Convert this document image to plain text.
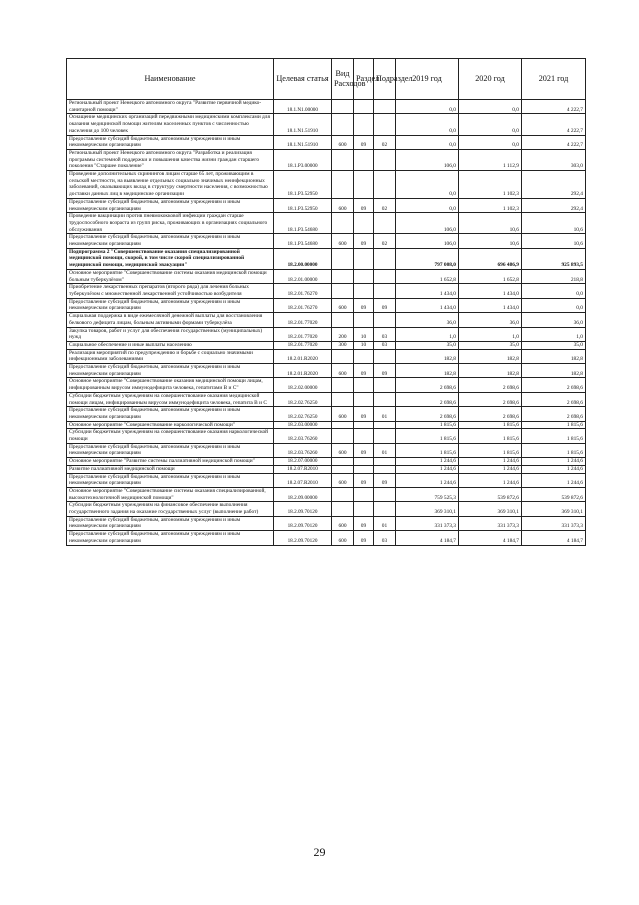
Наименование	Целевая статья	Вид Расходов	Раздел	Подраздел	2019 год	2020 год	2021 год
Региональный проект Ненецкого автономного округа "Развитие первичной медико-санитарной помощи"	18.1.N1.00000				0,0	0,0	4 222,7
Оснащение медицинских организаций передвижными медицинскими комплексами для оказания медицинской помощи жителям населенных пунктов с численностью населения до 100 человек	18.1.N1.51910				0,0	0,0	4 222,7
Предоставление субсидий бюджетным, автономным учреждениям и иным некоммерческим организациям	18.1.N1.51910	600	09	02	0,0	0,0	4 222,7
Региональный проект Ненецкого автономного округа "Разработка и реализация программы системной поддержки и повышения качества жизни граждан старшего поколения "Старшее поколение"	18.1.P3.00000				106,0	1 112,9	303,0
Проведение дополнительных скринингов лицам старше 65 лет, проживающим в сельской местности, на выявление отдельных социально значимых неинфекционных заболеваний, оказывающих вклад в структуру смертности населения, с возможностью доставки данных лиц в медицинские организации	18.1.P3.52950				0,0	1 102,3	292,4
Предоставление субсидий бюджетным, автономным учреждениям и иным некоммерческим организациям	18.1.P3.52950	600	09	02	0,0	1 102,3	292,4
Проведение вакцинации против пневмококковой инфекции граждан старше трудоспособного возраста из групп риска, проживающих в организациях социального обслуживания	18.1.P3.54680				106,0	10,6	10,6
Предоставление субсидий бюджетным, автономным учреждениям и иным некоммерческим организациям	18.1.P3.54680	600	09	02	106,0	10,6	10,6
Подпрограмма 2 "Совершенствование оказания специализированной медицинской помощи, скорой, в том числе скорой специализированной медицинской помощи, медицинской эвакуации"	18.2.00.00000				797 008,0	696 486,9	925 893,5
Основное мероприятие "Совершенствование системы оказания медицинской помощи больным туберкулёзом"	18.2.01.00000				1 652,8	1 652,8	218,8
Приобретение лекарственных препаратов (второго ряда) для лечения больных туберкулёзом с множественной лекарственной устойчивостью возбудителя	18.2.01.76270				1 434,0	1 434,0	0,0
Предоставление субсидий бюджетным, автономным учреждениям и иным некоммерческим организациям	18.2.01.76270	600	09	09	1 434,0	1 434,0	0,0
Социальная поддержка в виде ежемесячной денежной выплаты для восстановления белкового дефицита лицам, больным активными формами туберкулёза	18.2.01.77020				36,0	36,0	36,0
Закупка товаров, работ и услуг для обеспечения государственных (муниципальных) нужд	18.2.01.77020	200	10	03	1,0	1,0	1,0
Социальное обеспечение и иные выплаты населению	18.2.01.77020	300	10	03	35,0	35,0	35,0
Реализация мероприятий по предупреждению и борьбе с социально значимыми инфекционными заболеваниями	18.2.01.R2020				182,8	182,8	182,8
Предоставление субсидий бюджетным, автономным учреждениям и иным некоммерческим организациям	18.2.01.R2020	600	09	09	182,8	182,8	182,8
Основное мероприятие "Совершенствование оказания медицинской помощи лицам, инфицированным вирусом иммунодефицита человека, гепатитами В и С"	18.2.02.00000				2 698,6	2 698,6	2 698,6
Субсидии бюджетным учреждениям на совершенствование оказания медицинской помощи лицам, инфицированным вирусом иммунодефицита человека, гепатита В и С	18.2.02.76250				2 698,6	2 698,6	2 698,6
Предоставление субсидий бюджетным, автономным учреждениям и иным некоммерческим организациям	18.2.02.76250	600	09	01	2 698,6	2 698,6	2 698,6
Основное мероприятие "Совершенствование наркологической помощи"	18.2.03.00000				1 815,6	1 815,6	1 815,6
Субсидии бюджетным учреждениям на совершенствование оказания наркологической помощи	18.2.03.76260				1 815,6	1 815,6	1 815,6
Предоставление субсидий бюджетным, автономным учреждениям и иным некоммерческим организациям	18.2.03.76260	600	09	01	1 815,6	1 815,6	1 815,6
Основное мероприятие "Развитие системы паллиативной медицинской помощи"	18.2.07.00000				1 244,6	1 244,6	1 244,6
Развитие паллиативной медицинской помощи	18.2.07.R2010				1 244,6	1 244,6	1 244,6
Предоставление субсидий бюджетным, автономным учреждениям и иным некоммерческим организациям	18.2.07.R2010	600	09	09	1 244,6	1 244,6	1 244,6
Основное мероприятие "Совершенствование системы оказания специализированной, высокотехнологичной медицинской помощи"	18.2.09.00000				759 525,3	539 872,6	539 872,6
Субсидии бюджетным учреждениям на финансовое обеспечение выполнения государственного задания на оказание государственных услуг (выполнение работ)	18.2.09.70120				369 310,1	369 310,1	369 310,1
Предоставление субсидий бюджетным, автономным учреждениям и иным некоммерческим организациям	18.2.09.70120	600	09	01	331 373,3	331 373,3	331 373,3
Предоставление субсидий бюджетным, автономным учреждениям и иным некоммерческим организациям	18.2.09.70120	600	09	03	4 184,7	4 184,7	4 184,7
29
